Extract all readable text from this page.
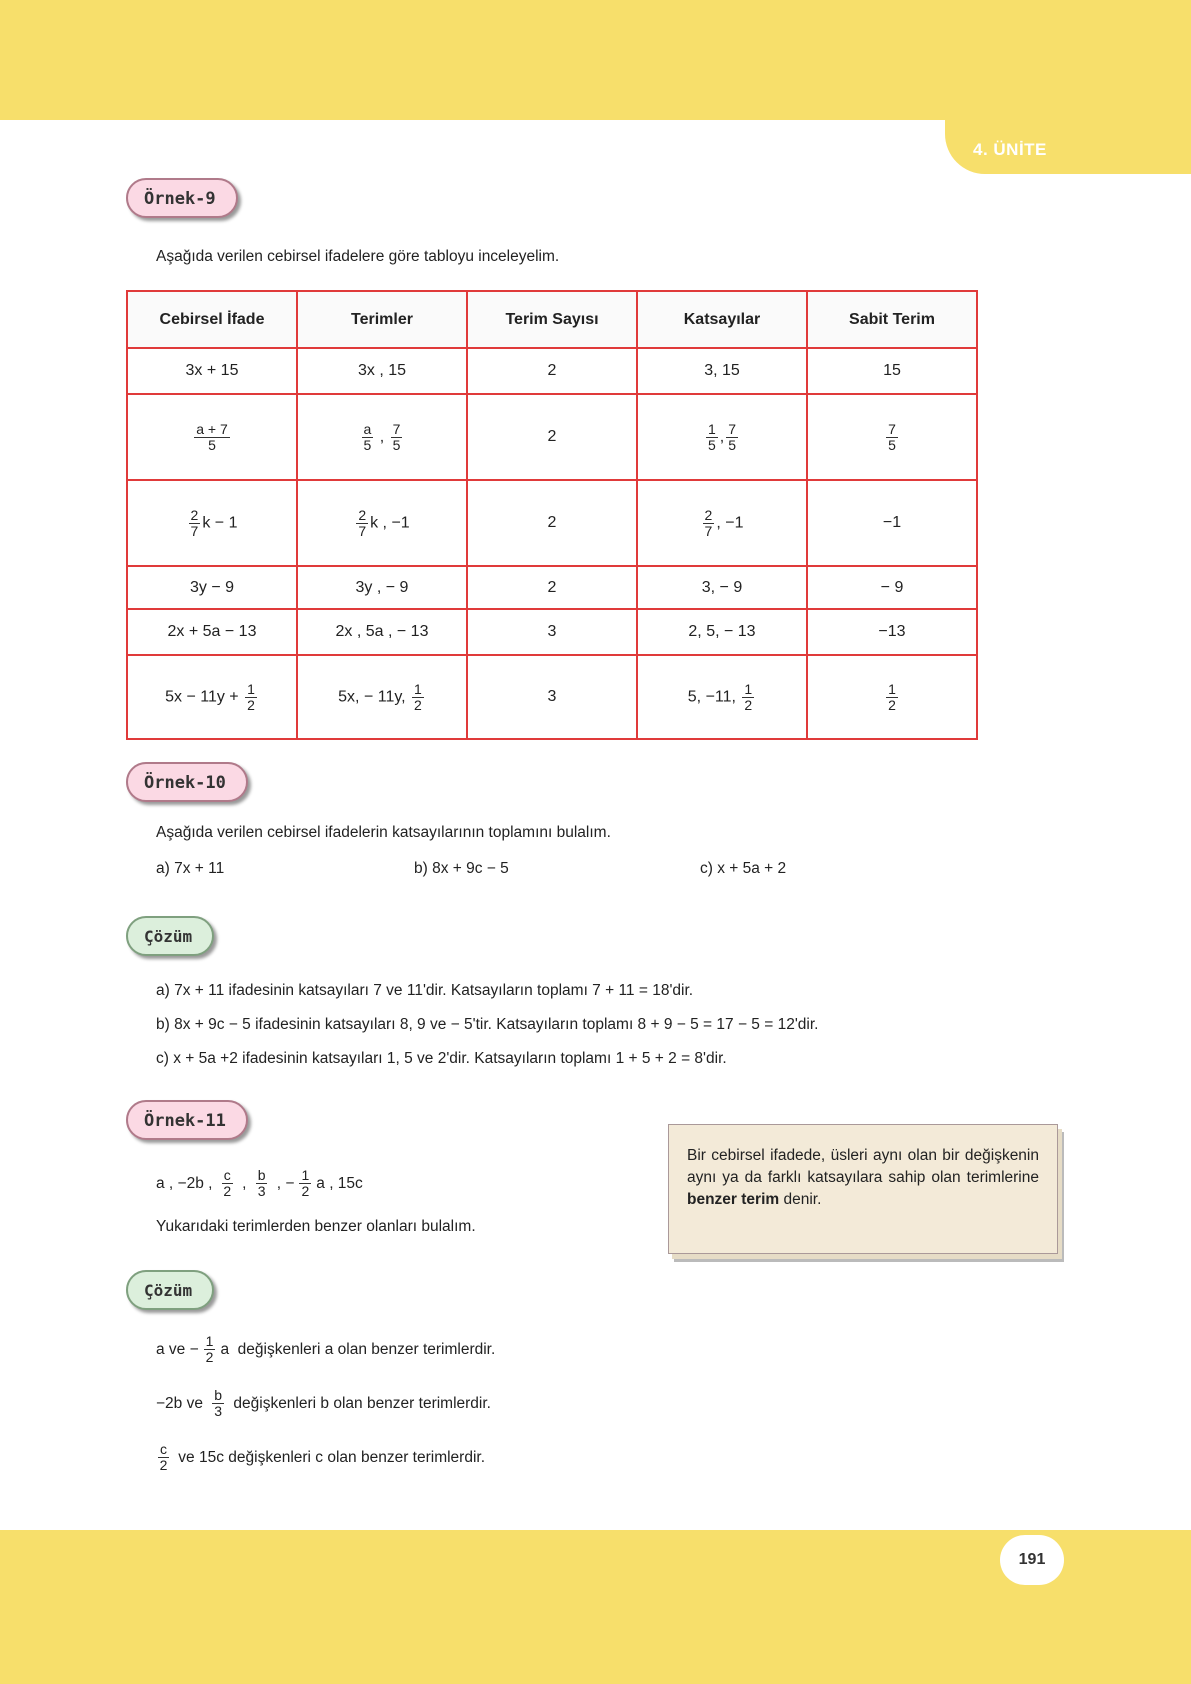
4. ÜNİTE
Örnek-9
Aşağıda verilen cebirsel ifadelere göre tabloyu inceleyelim.
Cebirsel İfade	Terimler	Terim Sayısı	Katsayılar	Sabit Terim
3x + 15	3x , 15	2	3, 15	15

$\frac{a + 7}{5}$	$\frac{a}{5}$ , $\frac{7}{5}$	2	$\frac{1}{5}$ , $\frac{7}{5}$	$\frac{7}{5}$

$\frac{2}{7}$ k − 1	$\frac{2}{7}$ k , −1	2	$\frac{2}{7}$ , −1	−1
3y − 9	3y , − 9	2	3, − 9	− 9
2x + 5a − 13	2x , 5a , − 13	3	2, 5, − 13	−13
$5x - 11y + \frac{1}{2}$	5x, − 11y, $\frac{1}{2}$	3	5, −11, $\frac{1}{2}$	$\frac{1}{2}$
Örnek-10
Aşağıda verilen cebirsel ifadelerin katsayılarının toplamını bulalım.
a) 7x + 11	b) 8x + 9c − 5	c) x + 5a + 2
Çözüm
a) 7x + 11 ifadesinin katsayıları 7 ve 11'dir. Katsayıların toplamı 7 + 11 = 18'dir.
b) 8x + 9c − 5 ifadesinin katsayıları 8, 9 ve − 5'tir. Katsayıların toplamı 8 + 9 − 5 = 17 − 5 = 12'dir.
c) x + 5a +2 ifadesinin katsayıları 1, 5 ve 2'dir. Katsayıların toplamı 1 + 5 + 2 = 8'dir.
Örnek-11
a , −2b , $\frac{c}{2}$ , $\frac{b}{3}$ , − $\frac{1}{2}$ a , 15c
Yukarıdaki terimlerden benzer olanları bulalım.
Bir cebirsel ifadede, üsleri aynı olan bir değişkenin aynı ya da farklı katsayılara sahip olan terimlerine benzer terim denir.
Çözüm
a ve − $\frac{1}{2}$ a  değişkenleri a olan benzer terimlerdir.
−2b ve $\frac{b}{3}$ değişkenleri b olan benzer terimlerdir.
$\frac{c}{2}$ ve 15c değişkenleri c olan benzer terimlerdir.
191
